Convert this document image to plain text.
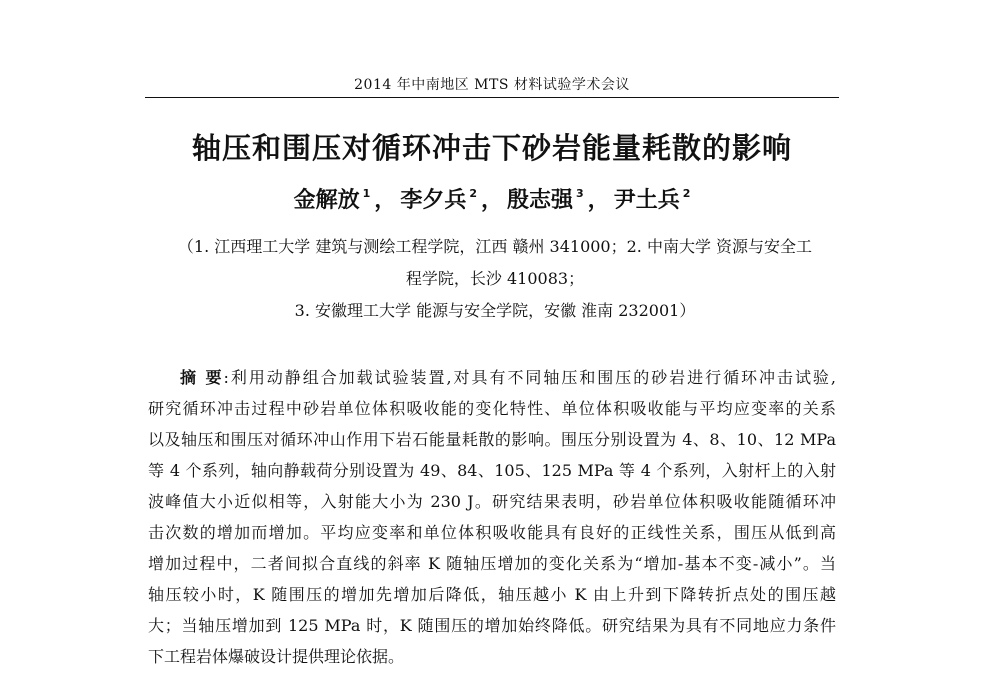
2014 年中南地区 MTS 材料试验学术会议
轴压和围压对循环冲击下砂岩能量耗散的影响
金解放 $^1$ ， 李夕兵 $^2$ ， 殷志强 $^3$ ， 尹土兵 $^2$
（1. 江西理工大学 建筑与测绘工程学院，江西 赣州 341000；2. 中南大学 资源与安全工
程学院，长沙 410083；
3. 安徽理工大学 能源与安全学院，安徽 淮南 232001）
摘 要:利用动静组合加载试验装置,对具有不同轴压和围压的砂岩进行循环冲击试验,
研究循环冲击过程中砂岩单位体积吸收能的变化特性、单位体积吸收能与平均应变率的关系
以及轴压和围压对循环冲山作用下岩石能量耗散的影响。围压分别设置为 4、8、10、12 MPa
等 4 个系列，轴向静载荷分别设置为 49、84、105、125 MPa 等 4 个系列，入射杆上的入射
波峰值大小近似相等，入射能大小为 230 J。研究结果表明，砂岩单位体积吸收能随循环冲
击次数的增加而增加。平均应变率和单位体积吸收能具有良好的正线性关系，围压从低到高
增加过程中，二者间拟合直线的斜率 K 随轴压增加的变化关系为“增加-基本不变-减小”。当
轴压较小时，K 随围压的增加先增加后降低，轴压越小 K 由上升到下降转折点处的围压越
大；当轴压增加到 125 MPa 时，K 随围压的增加始终降低。研究结果为具有不同地应力条件
下工程岩体爆破设计提供理论依据。
